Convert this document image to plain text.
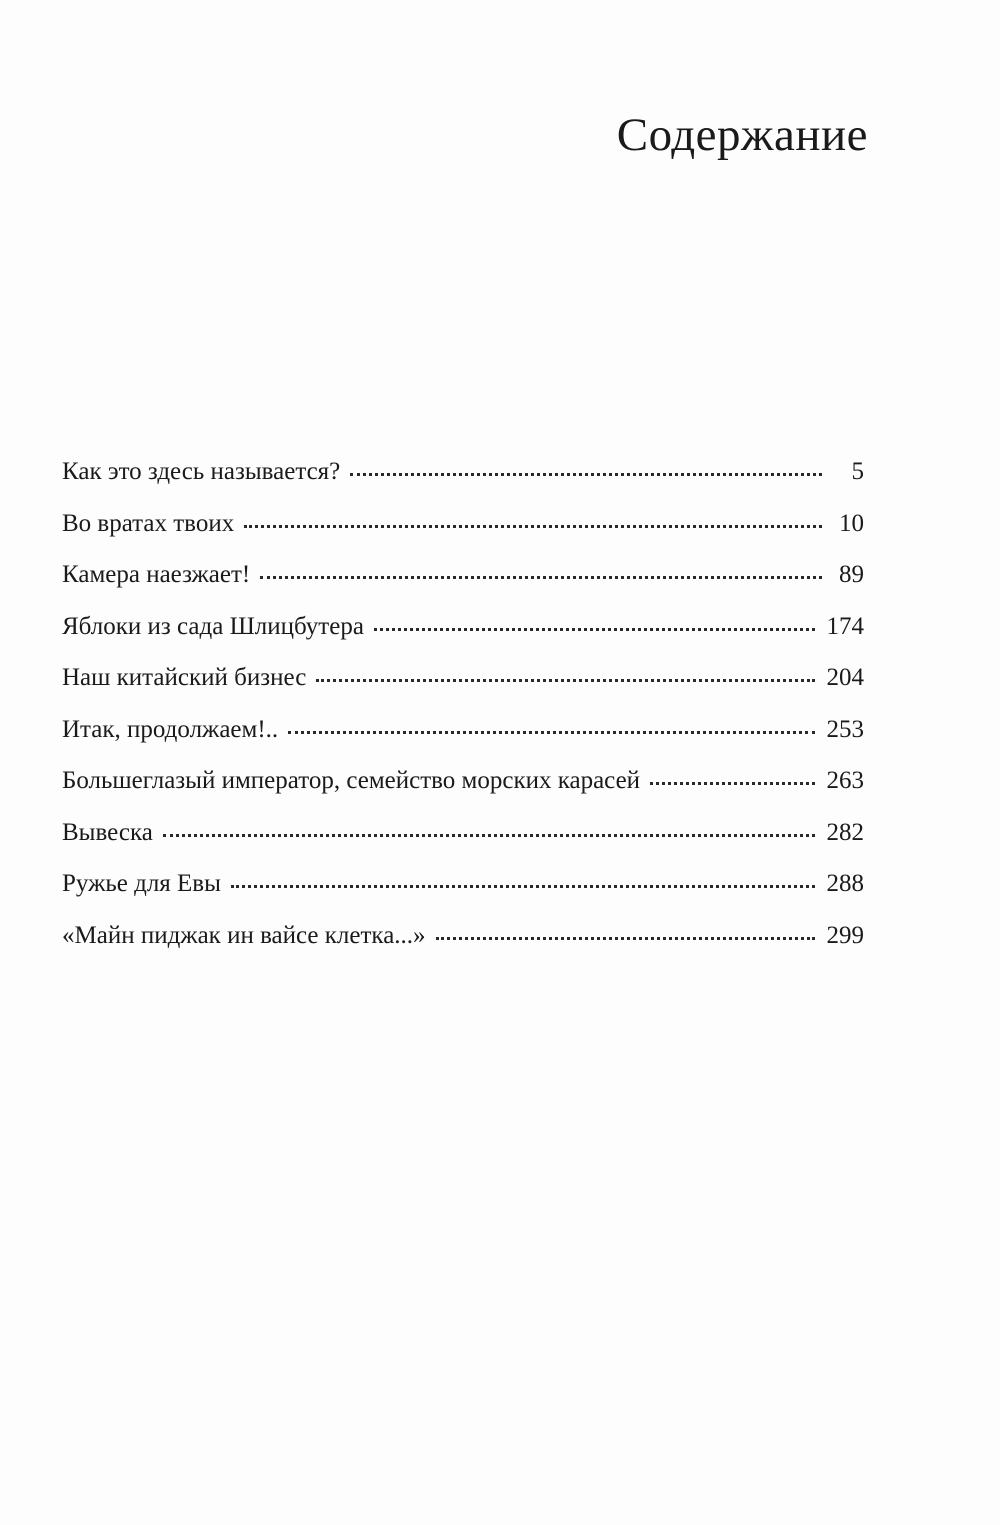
Содержание
Как это здесь называется?	5
Во вратах твоих	10
Камера наезжает!	89
Яблоки из сада Шлицбутера	174
Наш китайский бизнес	204
Итак, продолжаем!..	253
Большеглазый император, семейство морских карасей	263
Вывеска	282
Ружье для Евы	288
«Майн пиджак ин вайсе клетка...»	299
